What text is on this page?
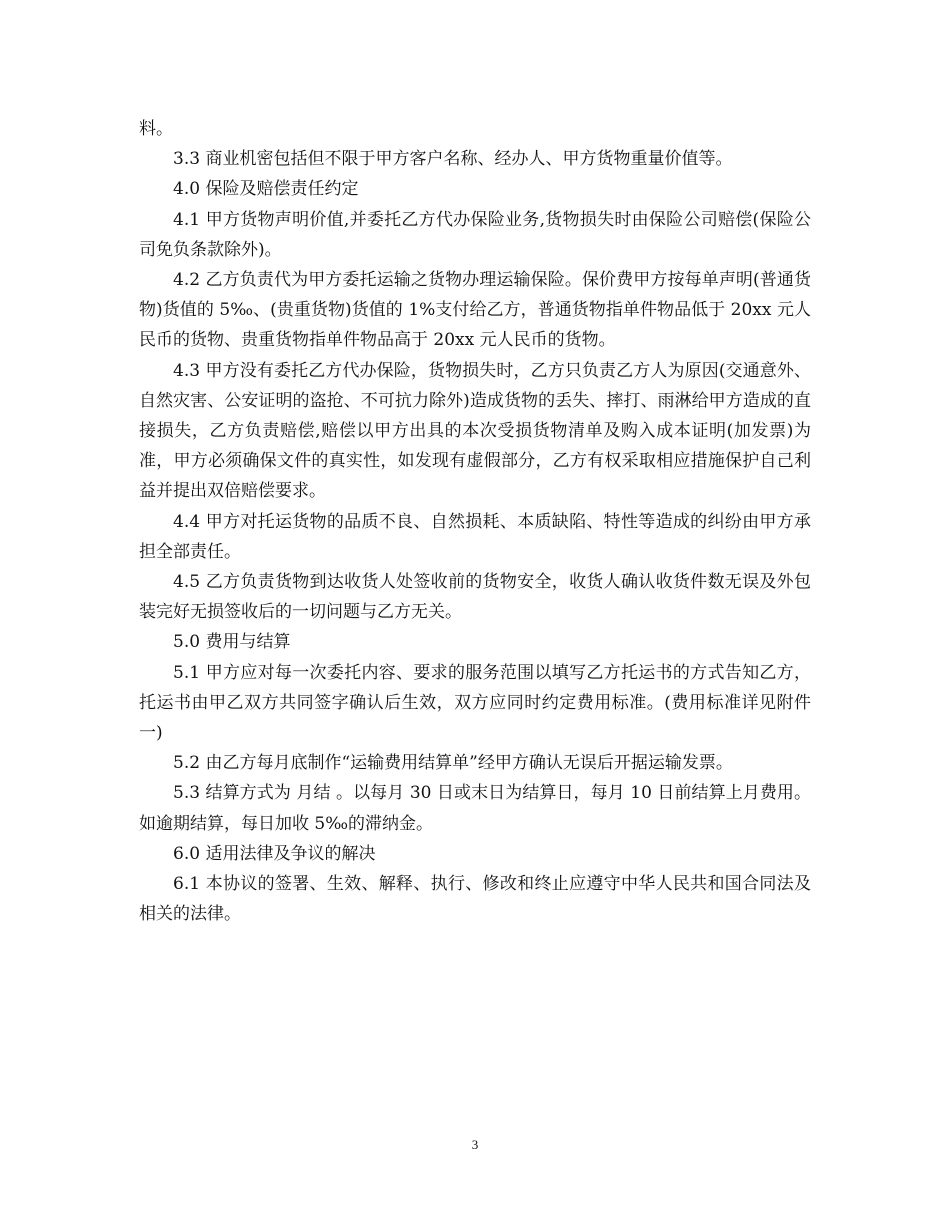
料。

3.3 商业机密包括但不限于甲方客户名称、经办人、甲方货物重量价值等。

4.0 保险及赔偿责任约定

4.1 甲方货物声明价值,并委托乙方代办保险业务,货物损失时由保险公司赔偿(保险公司免负条款除外)。

4.2 乙方负责代为甲方委托运输之货物办理运输保险。保价费甲方按每单声明(普通货物)货值的 5‰、(贵重货物)货值的 1%支付给乙方，普通货物指单件物品低于 20xx 元人民币的货物、贵重货物指单件物品高于 20xx 元人民币的货物。

4.3 甲方没有委托乙方代办保险，货物损失时，乙方只负责乙方人为原因(交通意外、自然灾害、公安证明的盗抢、不可抗力除外)造成货物的丢失、摔打、雨淋给甲方造成的直接损失，乙方负责赔偿,赔偿以甲方出具的本次受损货物清单及购入成本证明(加发票)为准，甲方必须确保文件的真实性，如发现有虚假部分，乙方有权采取相应措施保护自己利益并提出双倍赔偿要求。

4.4 甲方对托运货物的品质不良、自然损耗、本质缺陷、特性等造成的纠纷由甲方承担全部责任。

4.5 乙方负责货物到达收货人处签收前的货物安全，收货人确认收货件数无误及外包装完好无损签收后的一切问题与乙方无关。

5.0 费用与结算

5.1 甲方应对每一次委托内容、要求的服务范围以填写乙方托运书的方式告知乙方，托运书由甲乙双方共同签字确认后生效，双方应同时约定费用标准。(费用标准详见附件一)

5.2 由乙方每月底制作“运输费用结算单”经甲方确认无误后开据运输发票。

5.3 结算方式为 月结 。以每月 30 日或末日为结算日，每月 10 日前结算上月费用。如逾期结算，每日加收 5‰的滞纳金。

6.0 适用法律及争议的解决

6.1 本协议的签署、生效、解释、执行、修改和终止应遵守中华人民共和国合同法及相关的法律。

3
